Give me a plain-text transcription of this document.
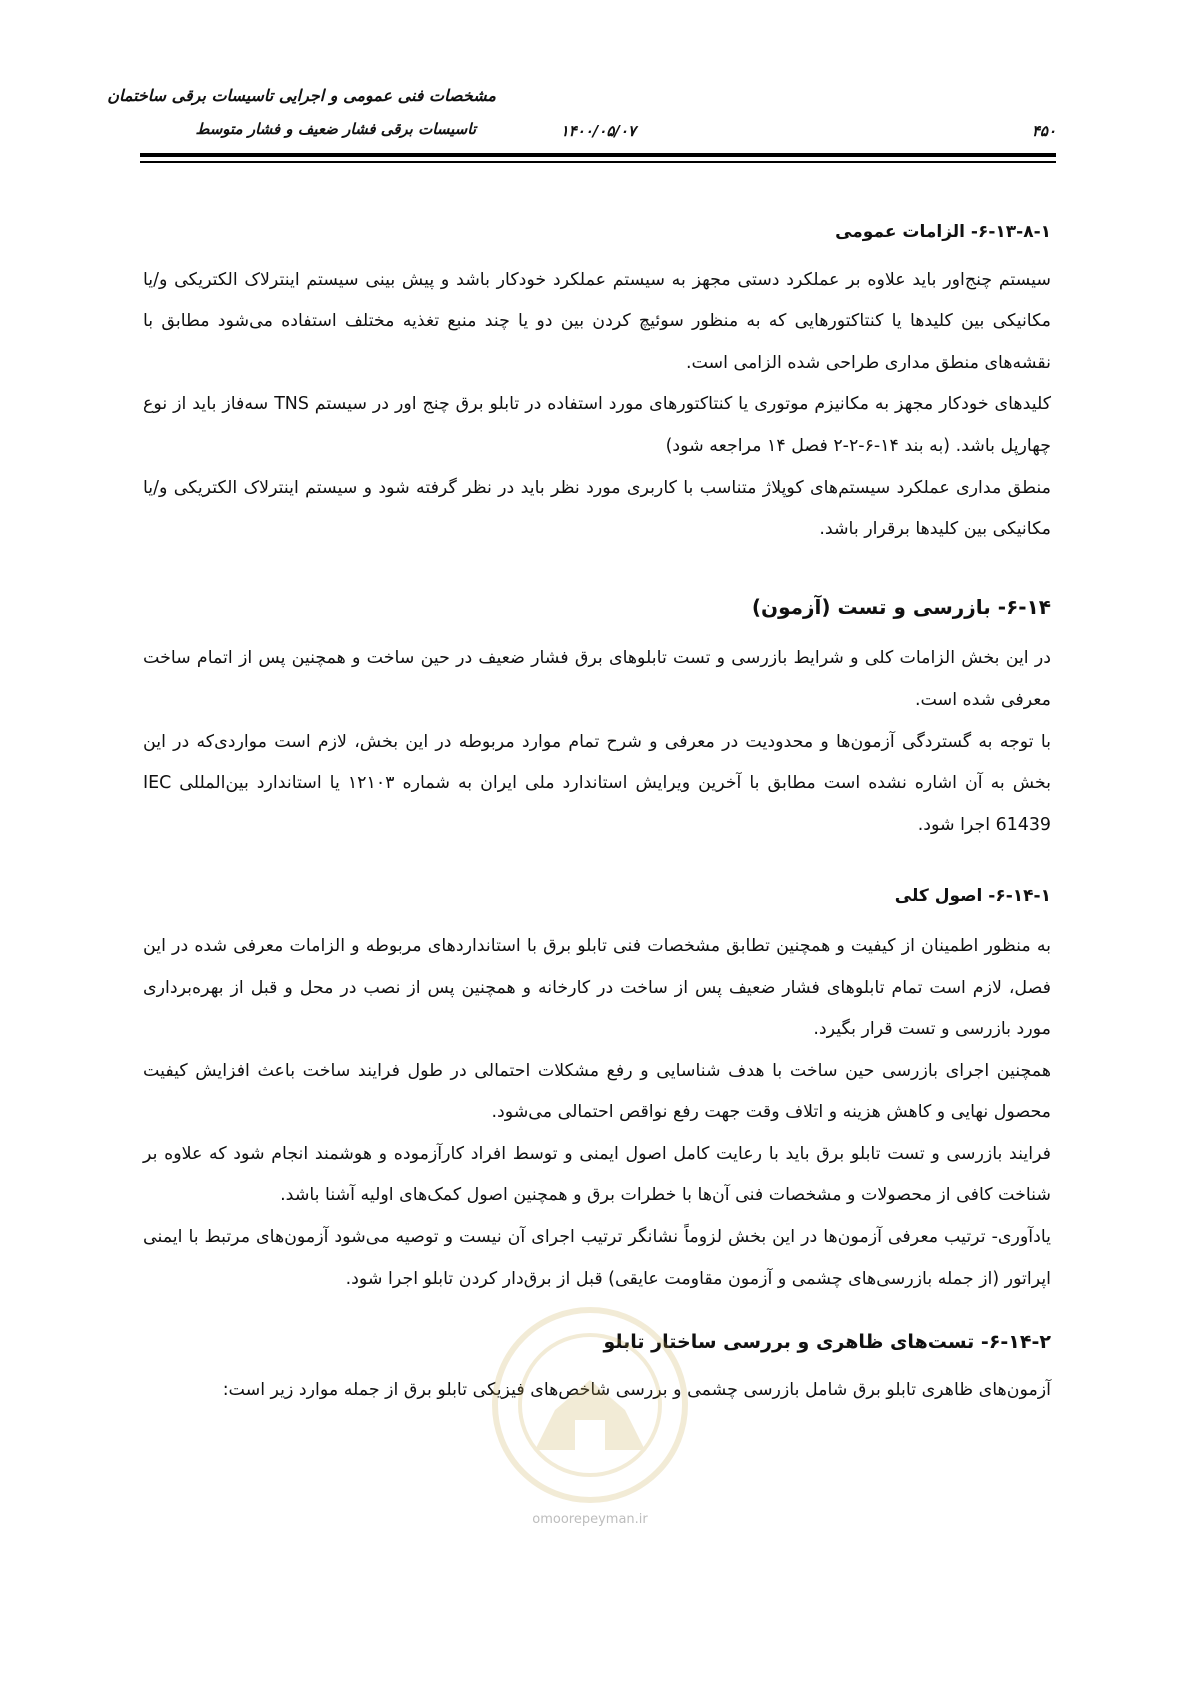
مشخصات فنی عمومی و اجرایی تاسیسات برقی ساختمان
تاسیسات برقی فشار ضعیف و فشار متوسط	۱۴۰۰/۰۵/۰۷	۴۵۰

۶-۱۳-۸-۱- الزامات عمومی

سیستم چنج‌اور باید علاوه بر عملکرد دستی مجهز به سیستم عملکرد خودکار باشد و پیش بینی سیستم اینترلاک الکتریکی و/یا مکانیکی بین کلیدها یا کنتاکتورهایی که به منظور سوئیچ کردن بین دو یا چند منبع تغذیه مختلف استفاده می‌شود مطابق با نقشه‌های منطق مداری طراحی شده الزامی است.

کلیدهای خودکار مجهز به مکانیزم موتوری یا کنتاکتورهای مورد استفاده در تابلو برق چنج اور در سیستم TNS سه‌فاز باید از نوع چهارپل باشد. (به بند ۱۴-۶-۲-۲ فصل ۱۴ مراجعه شود)

منطق مداری عملکرد سیستم‌های کوپلاژ متناسب با کاربری مورد نظر باید در نظر گرفته شود و سیستم اینترلاک الکتریکی و/یا مکانیکی بین کلیدها برقرار باشد.

۶-۱۴- بازرسی و تست (آزمون)

در این بخش الزامات کلی و شرایط بازرسی و تست تابلوهای برق فشار ضعیف در حین ساخت و همچنین پس از اتمام ساخت معرفی شده است.

با توجه به گستردگی آزمون‌ها و محدودیت در معرفی و شرح تمام موارد مربوطه در این بخش، لازم است مواردی‌که در این بخش به آن اشاره نشده است مطابق با آخرین ویرایش استاندارد ملی ایران به شماره ۱۲۱۰۳ یا استاندارد بین‌المللی IEC 61439 اجرا شود.

۶-۱۴-۱- اصول کلی

به منظور اطمینان از کیفیت و همچنین تطابق مشخصات فنی تابلو برق با استانداردهای مربوطه و الزامات معرفی شده در این فصل، لازم است تمام تابلوهای فشار ضعیف پس از ساخت در کارخانه و همچنین پس از نصب در محل و قبل از بهره‌برداری مورد بازرسی و تست قرار بگیرد.

همچنین اجرای بازرسی حین ساخت با هدف شناسایی و رفع مشکلات احتمالی در طول فرایند ساخت باعث افزایش کیفیت محصول نهایی و کاهش هزینه و اتلاف وقت جهت رفع نواقص احتمالی می‌شود.

فرایند بازرسی و تست تابلو برق باید با رعایت کامل اصول ایمنی و توسط افراد کارآزموده و هوشمند انجام شود که علاوه بر شناخت کافی از محصولات و مشخصات فنی آن‌ها با خطرات برق و همچنین اصول کمک‌های اولیه آشنا باشد.

یادآوری- ترتیب معرفی آزمون‌ها در این بخش لزوماً نشانگر ترتیب اجرای آن نیست و توصیه می‌شود آزمون‌های مرتبط با ایمنی اپراتور (از جمله بازرسی‌های چشمی و آزمون مقاومت عایقی) قبل از برق‌دار کردن تابلو اجرا شود.

۶-۱۴-۲- تست‌های ظاهری و بررسی ساختار تابلو

آزمون‌های ظاهری تابلو برق شامل بازرسی چشمی و بررسی شاخص‌های فیزیکی تابلو برق از جمله موارد زیر است:

omoorepeyman.ir
